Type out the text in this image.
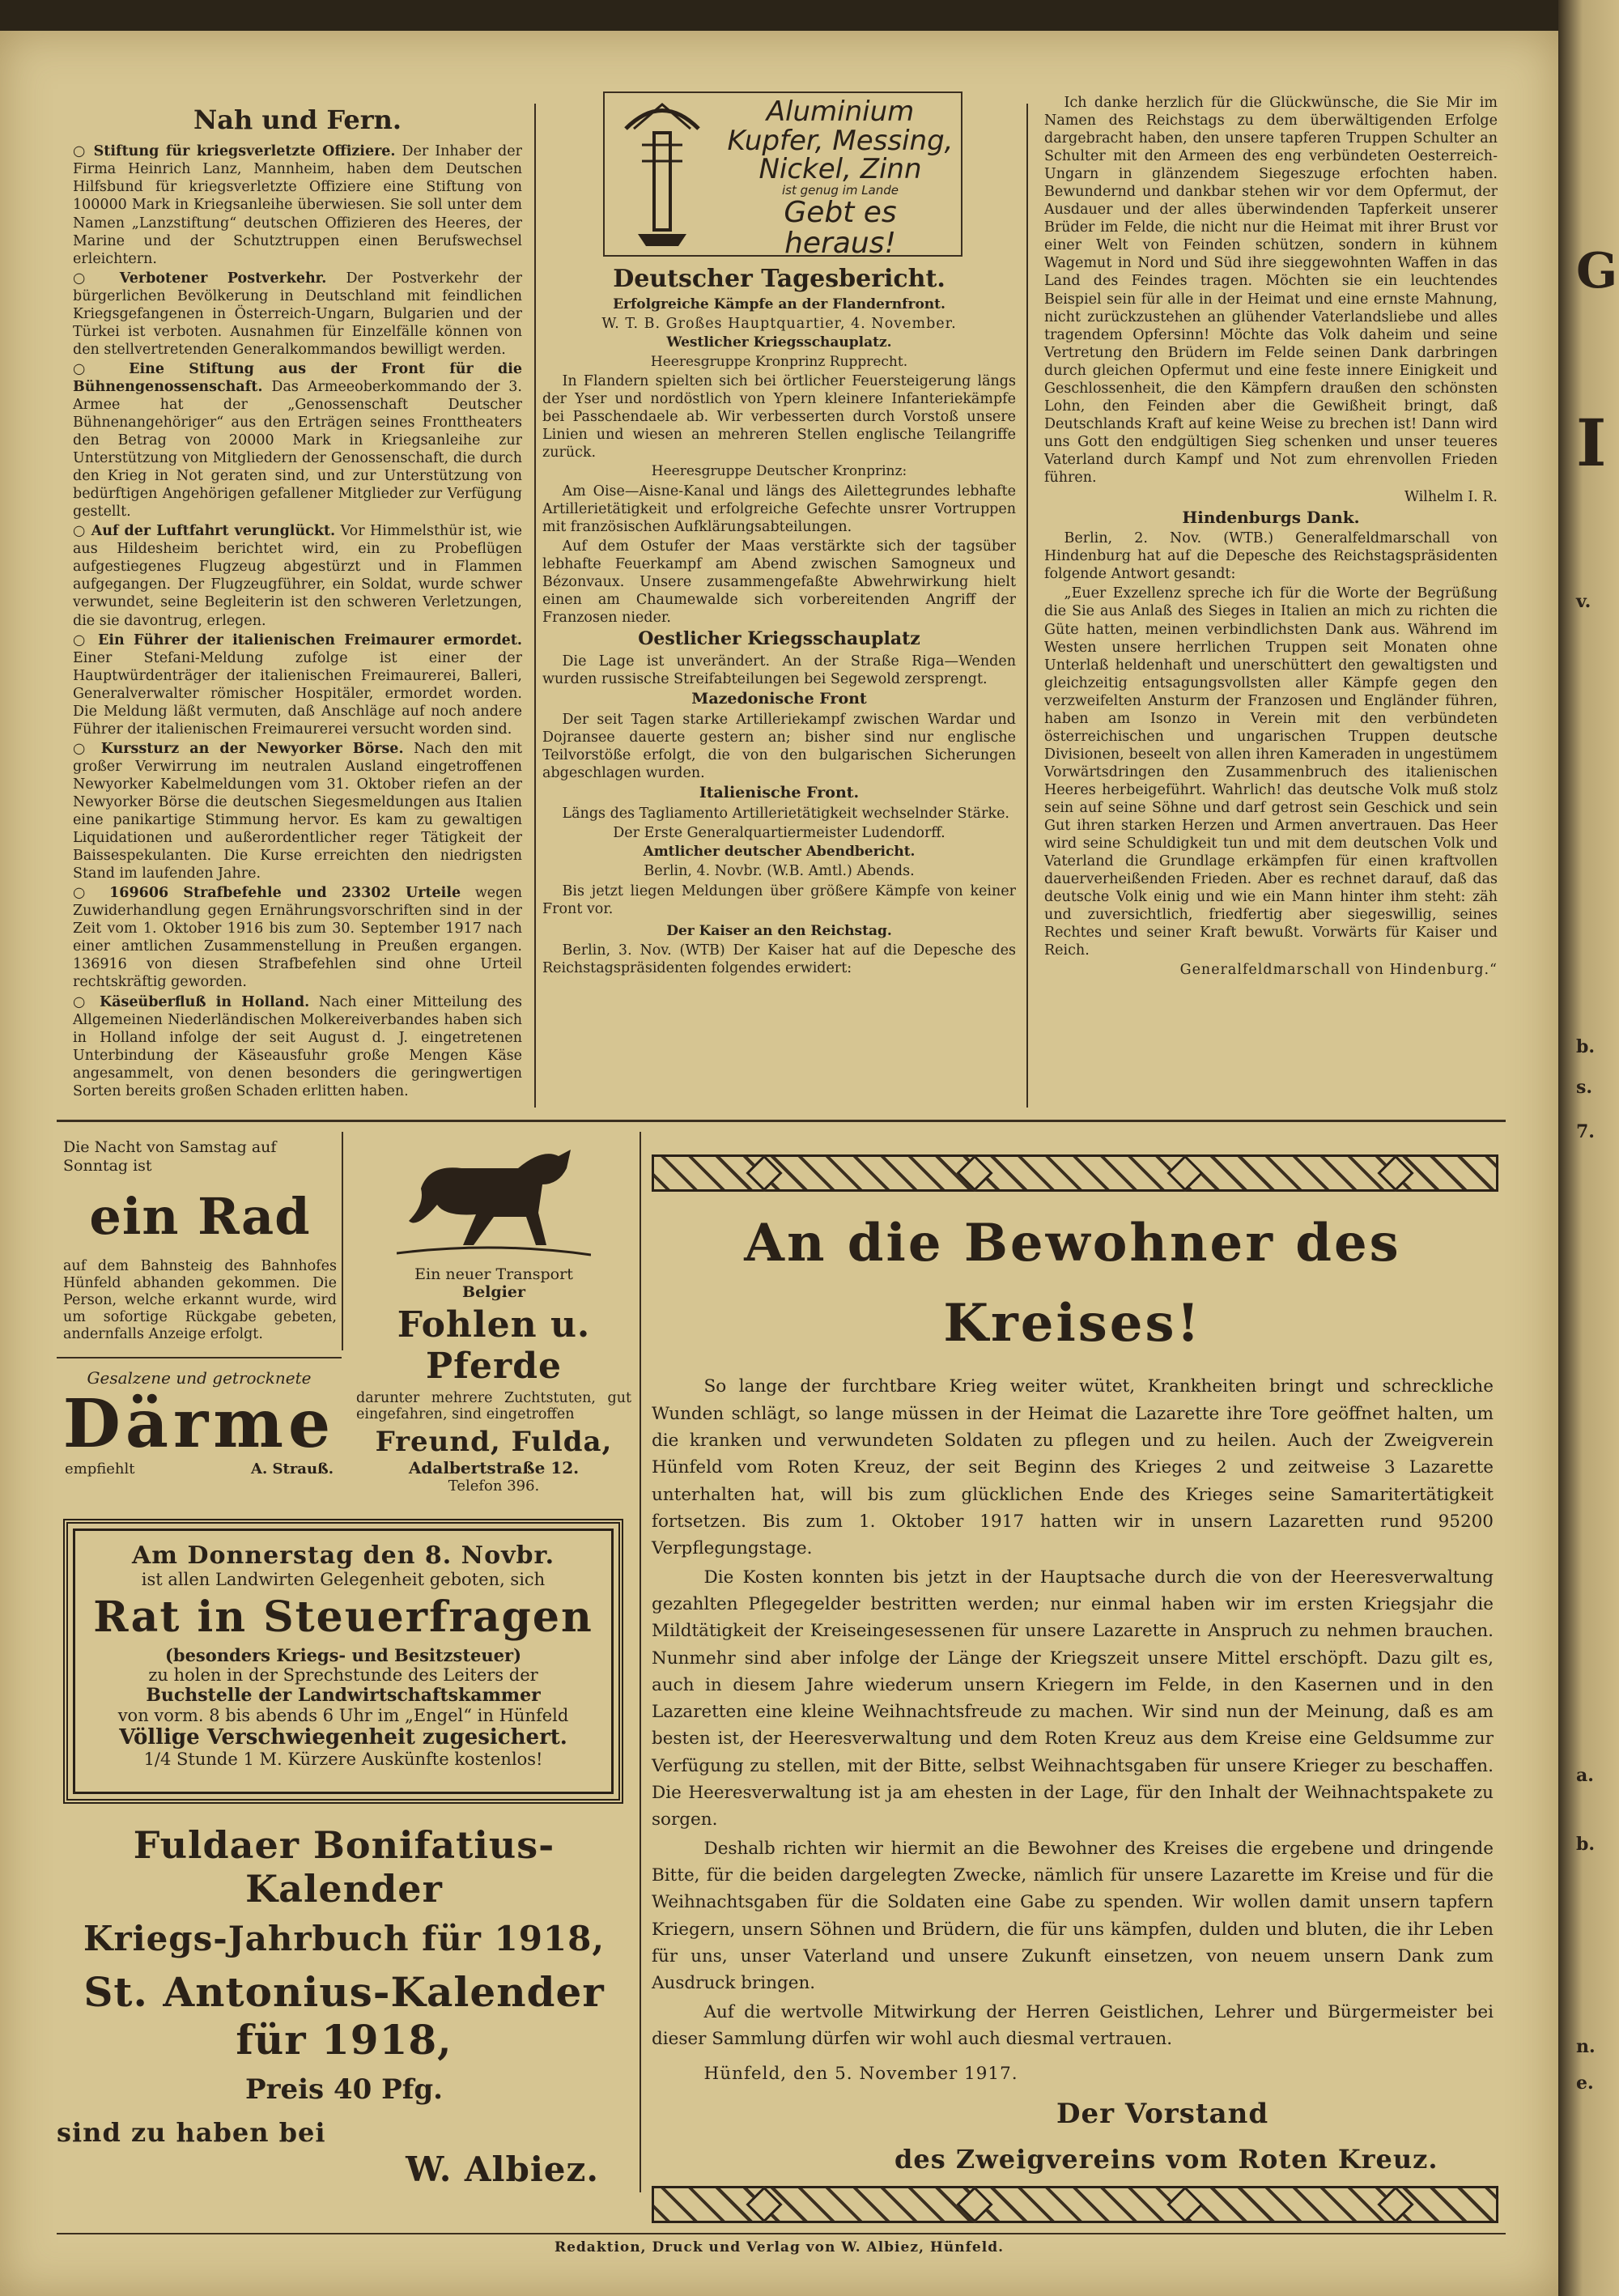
Nah und Fern.

○ Stiftung für kriegsverletzte Offiziere. Der Inhaber der Firma Heinrich Lanz, Mannheim, haben dem Deutschen Hilfsbund für kriegsverletzte Offiziere eine Stiftung von 100000 Mark in Kriegsanleihe überwiesen. Sie soll unter dem Namen „Lanzstiftung“ deutschen Offizieren des Heeres, der Marine und der Schutztruppen einen Berufswechsel erleichtern.

○ Verbotener Postverkehr. Der Postverkehr der bürgerlichen Bevölkerung in Deutschland mit feindlichen Kriegsgefangenen in Österreich-Ungarn, Bulgarien und der Türkei ist verboten. Ausnahmen für Einzelfälle können von den stellvertretenden Generalkommandos bewilligt werden.

○ Eine Stiftung aus der Front für die Bühnengenossenschaft. Das Armeeoberkommando der 3. Armee hat der „Genossenschaft Deutscher Bühnenangehöriger“ aus den Erträgen seines Fronttheaters den Betrag von 20000 Mark in Kriegsanleihe zur Unterstützung von Mitgliedern der Genossenschaft, die durch den Krieg in Not geraten sind, und zur Unterstützung von bedürftigen Angehörigen gefallener Mitglieder zur Verfügung gestellt.

○ Auf der Luftfahrt verunglückt. Vor Himmelsthür ist, wie aus Hildesheim berichtet wird, ein zu Probeflügen aufgestiegenes Flugzeug abgestürzt und in Flammen aufgegangen. Der Flugzeugführer, ein Soldat, wurde schwer verwundet, seine Begleiterin ist den schweren Verletzungen, die sie davontrug, erlegen.

○ Ein Führer der italienischen Freimaurer ermordet. Einer Stefani-Meldung zufolge ist einer der Hauptwürdenträger der italienischen Freimaurerei, Balleri, Generalverwalter römischer Hospitäler, ermordet worden. Die Meldung läßt vermuten, daß Anschläge auf noch andere Führer der italienischen Freimaurerei versucht worden sind.

○ Kurssturz an der Newyorker Börse. Nach den mit großer Verwirrung im neutralen Ausland eingetroffenen Newyorker Kabelmeldungen vom 31. Oktober riefen an der Newyorker Börse die deutschen Siegesmeldungen aus Italien eine panikartige Stimmung hervor. Es kam zu gewaltigen Liquidationen und außerordentlicher reger Tätigkeit der Baissespekulanten. Die Kurse erreichten den niedrigsten Stand im laufenden Jahre.

○ 169606 Strafbefehle und 23302 Urteile wegen Zuwiderhandlung gegen Ernährungsvorschriften sind in der Zeit vom 1. Oktober 1916 bis zum 30. September 1917 nach einer amtlichen Zusammenstellung in Preußen ergangen. 136916 von diesen Strafbefehlen sind ohne Urteil rechtskräftig geworden.

○ Käseüberfluß in Holland. Nach einer Mitteilung des Allgemeinen Niederländischen Molkereiverbandes haben sich in Holland infolge der seit August d. J. eingetretenen Unterbindung der Käseausfuhr große Mengen Käse angesammelt, von denen besonders die geringwertigen Sorten bereits großen Schaden erlitten haben.

Aluminium
Kupfer, Messing,
Nickel, Zinn
ist genug im Lande
Gebt es heraus!
Deutscher Tagesbericht.
Erfolgreiche Kämpfe an der Flandernfront.

W. T. B. Großes Hauptquartier, 4. November.

Westlicher Kriegsschauplatz.
Heeresgruppe Kronprinz Rupprecht.

In Flandern spielten sich bei örtlicher Feuersteigerung längs der Yser und nordöstlich von Ypern kleinere Infanteriekämpfe bei Passchendaele ab. Wir verbesserten durch Vorstoß unsere Linien und wiesen an mehreren Stellen englische Teilangriffe zurück.

Heeresgruppe Deutscher Kronprinz:

Am Oise—Aisne-Kanal und längs des Ailettegrundes lebhafte Artillerietätigkeit und erfolgreiche Gefechte unsrer Vortruppen mit französischen Aufklärungsabteilungen.

Auf dem Ostufer der Maas verstärkte sich der tagsüber lebhafte Feuerkampf am Abend zwischen Samogneux und Bézonvaux. Unsere zusammengefaßte Abwehrwirkung hielt einen am Chaumewalde sich vorbereitenden Angriff der Franzosen nieder.

Oestlicher Kriegsschauplatz

Die Lage ist unverändert. An der Straße Riga—Wenden wurden russische Streifabteilungen bei Segewold zersprengt.

Mazedonische Front

Der seit Tagen starke Artilleriekampf zwischen Wardar und Dojransee dauerte gestern an; bisher sind nur englische Teilvorstöße erfolgt, die von den bulgarischen Sicherungen abgeschlagen wurden.

Italienische Front.

Längs des Tagliamento Artillerietätigkeit wechselnder Stärke.

Der Erste Generalquartiermeister Ludendorff.

Amtlicher deutscher Abendbericht.

Berlin, 4. Novbr. (W.B. Amtl.) Abends.

Bis jetzt liegen Meldungen über größere Kämpfe von keiner Front vor.

Der Kaiser an den Reichstag.

Berlin, 3. Nov. (WTB) Der Kaiser hat auf die Depesche des Reichstagspräsidenten folgendes erwidert:

Ich danke herzlich für die Glückwünsche, die Sie Mir im Namen des Reichstags zu dem überwältigenden Erfolge dargebracht haben, den unsere tapferen Truppen Schulter an Schulter mit den Armeen des eng verbündeten Oesterreich-Ungarn in glänzendem Siegeszuge erfochten haben. Bewundernd und dankbar stehen wir vor dem Opfermut, der Ausdauer und der alles überwindenden Tapferkeit unserer Brüder im Felde, die nicht nur die Heimat mit ihrer Brust vor einer Welt von Feinden schützen, sondern in kühnem Wagemut in Nord und Süd ihre sieggewohnten Waffen in das Land des Feindes tragen. Möchten sie ein leuchtendes Beispiel sein für alle in der Heimat und eine ernste Mahnung, nicht zurückzustehen an glühender Vaterlandsliebe und alles tragendem Opfersinn! Möchte das Volk daheim und seine Vertretung den Brüdern im Felde seinen Dank darbringen durch gleichen Opfermut und eine feste innere Einigkeit und Geschlossenheit, die den Kämpfern draußen den schönsten Lohn, den Feinden aber die Gewißheit bringt, daß Deutschlands Kraft auf keine Weise zu brechen ist! Dann wird uns Gott den endgültigen Sieg schenken und unser teueres Vaterland durch Kampf und Not zum ehrenvollen Frieden führen.

Wilhelm I. R.

Hindenburgs Dank.

Berlin, 2. Nov. (WTB.) Generalfeldmarschall von Hindenburg hat auf die Depesche des Reichstagspräsidenten folgende Antwort gesandt:

„Euer Exzellenz spreche ich für die Worte der Begrüßung die Sie aus Anlaß des Sieges in Italien an mich zu richten die Güte hatten, meinen verbindlichsten Dank aus. Während im Westen unsere herrlichen Truppen seit Monaten ohne Unterlaß heldenhaft und unerschüttert den gewaltigsten und gleichzeitig entsagungsvollsten aller Kämpfe gegen den verzweifelten Ansturm der Franzosen und Engländer führen, haben am Isonzo in Verein mit den verbündeten österreichischen und ungarischen Truppen deutsche Divisionen, beseelt von allen ihren Kameraden in ungestümem Vorwärtsdringen den Zusammenbruch des italienischen Heeres herbeigeführt. Wahrlich! das deutsche Volk muß stolz sein auf seine Söhne und darf getrost sein Geschick und sein Gut ihren starken Herzen und Armen anvertrauen. Das Heer wird seine Schuldigkeit tun und mit dem deutschen Volk und Vaterland die Grundlage erkämpfen für einen kraftvollen dauerverheißenden Frieden. Aber es rechnet darauf, daß das deutsche Volk einig und wie ein Mann hinter ihm steht: zäh und zuversichtlich, friedfertig aber siegeswillig, seines Rechtes und seiner Kraft bewußt. Vorwärts für Kaiser und Reich.

Generalfeldmarschall von Hindenburg.“

Die Nacht von Samstag auf
Sonntag ist
ein Rad
auf dem Bahnsteig des Bahnhofes Hünfeld abhanden gekommen. Die Person, welche erkannt wurde, wird um sofortige Rückgabe gebeten, andernfalls Anzeige erfolgt.
Gesalzene und getrocknete
Därme
empfiehlt	A. Strauß.
Ein neuer Transport
Belgier
Fohlen u. Pferde
darunter mehrere Zuchtstuten, gut eingefahren, sind eingetroffen
Freund, Fulda,
Adalbertstraße 12.
Telefon 396.
Am Donnerstag den 8. Novbr.
ist allen Landwirten Gelegenheit geboten, sich
Rat in Steuerfragen
(besonders Kriegs- und Besitzsteuer)
zu holen in der Sprechstunde des Leiters der
Buchstelle der Landwirtschaftskammer
von vorm. 8 bis abends 6 Uhr im „Engel“ in Hünfeld
Völlige Verschwiegenheit zugesichert.
1/4 Stunde 1 M. Kürzere Auskünfte kostenlos!
Fuldaer Bonifatius-Kalender
Kriegs-Jahrbuch für 1918,
St. Antonius-Kalender für 1918,
Preis 40 Pfg.
sind zu haben bei
W. Albiez.
An die Bewohner des Kreises!

So lange der furchtbare Krieg weiter wütet, Krankheiten bringt und schreckliche Wunden schlägt, so lange müssen in der Heimat die Lazarette ihre Tore geöffnet halten, um die kranken und verwundeten Soldaten zu pflegen und zu heilen. Auch der Zweigverein Hünfeld vom Roten Kreuz, der seit Beginn des Krieges 2 und zeitweise 3 Lazarette unterhalten hat, will bis zum glücklichen Ende des Krieges seine Samaritertätigkeit fortsetzen. Bis zum 1. Oktober 1917 hatten wir in unsern Lazaretten rund 95200 Verpflegungstage.

Die Kosten konnten bis jetzt in der Hauptsache durch die von der Heeresverwaltung gezahlten Pflegegelder bestritten werden; nur einmal haben wir im ersten Kriegsjahr die Mildtätigkeit der Kreiseingesessenen für unsere Lazarette in Anspruch zu nehmen brauchen. Nunmehr sind aber infolge der Länge der Kriegszeit unsere Mittel erschöpft. Dazu gilt es, auch in diesem Jahre wiederum unsern Kriegern im Felde, in den Kasernen und in den Lazaretten eine kleine Weihnachtsfreude zu machen. Wir sind nun der Meinung, daß es am besten ist, der Heeresverwaltung und dem Roten Kreuz aus dem Kreise eine Geldsumme zur Verfügung zu stellen, mit der Bitte, selbst Weihnachtsgaben für unsere Krieger zu beschaffen. Die Heeresverwaltung ist ja am ehesten in der Lage, für den Inhalt der Weihnachtspakete zu sorgen.

Deshalb richten wir hiermit an die Bewohner des Kreises die ergebene und dringende Bitte, für die beiden dargelegten Zwecke, nämlich für unsere Lazarette im Kreise und für die Weihnachtsgaben für die Soldaten eine Gabe zu spenden. Wir wollen damit unsern tapfern Kriegern, unsern Söhnen und Brüdern, die für uns kämpfen, dulden und bluten, die ihr Leben für uns, unser Vaterland und unsere Zukunft einsetzen, von neuem unsern Dank zum Ausdruck bringen.

Auf die wertvolle Mitwirkung der Herren Geistlichen, Lehrer und Bürgermeister bei dieser Sammlung dürfen wir wohl auch diesmal vertrauen.

Hünfeld, den 5. November 1917.

Der Vorstand
des Zweigvereins vom Roten Kreuz.
Redaktion, Druck und Verlag von W. Albiez, Hünfeld.
G
I
v.
b.
s.
7.
a.
b.
n.
e.
